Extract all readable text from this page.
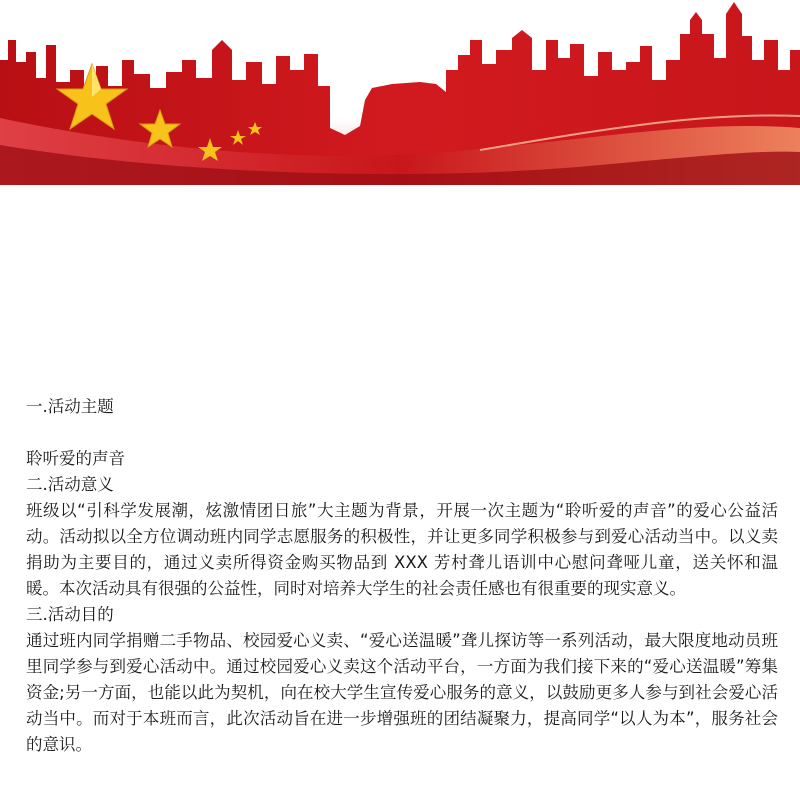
一.活动主题

聆听爱的声音

二.活动意义

班级以“引科学发展潮，炫激情团日旅”大主题为背景，开展一次主题为“聆听爱的声音”的爱心公益活动。活动拟以全方位调动班内同学志愿服务的积极性，并让更多同学积极参与到爱心活动当中。以义卖捐助为主要目的，通过义卖所得资金购买物品到 XXX 芳村聋儿语训中心慰问聋哑儿童，送关怀和温暖。本次活动具有很强的公益性，同时对培养大学生的社会责任感也有很重要的现实意义。

三.活动目的

通过班内同学捐赠二手物品、校园爱心义卖、“爱心送温暖”聋儿探访等一系列活动，最大限度地动员班里同学参与到爱心活动中。通过校园爱心义卖这个活动平台，一方面为我们接下来的“爱心送温暖”筹集资金;另一方面，也能以此为契机，向在校大学生宣传爱心服务的意义，以鼓励更多人参与到社会爱心活动当中。而对于本班而言，此次活动旨在进一步增强班的团结凝聚力，提高同学“以人为本”，服务社会的意识。
